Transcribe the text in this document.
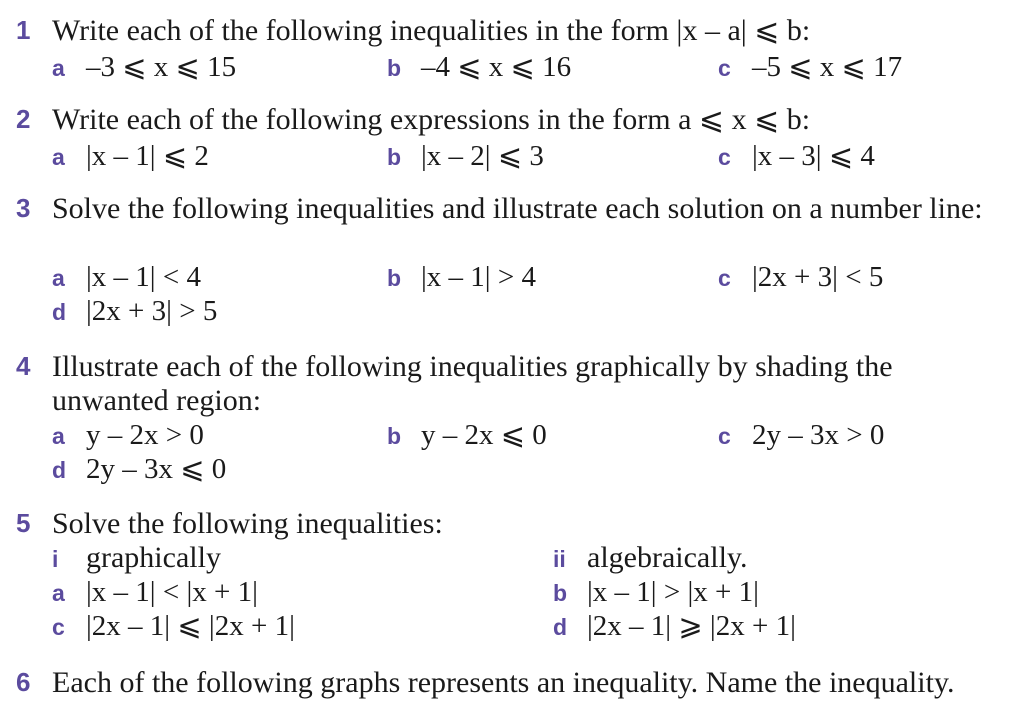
1 Write each of the following inequalities in the form |x – a| ⩽ b:
a –3 ⩽ x ⩽ 15	b –4 ⩽ x ⩽ 16	c –5 ⩽ x ⩽ 17
2 Write each of the following expressions in the form a ⩽ x ⩽ b:
a |x – 1| ⩽ 2	b |x – 2| ⩽ 3	c |x – 3| ⩽ 4
3 Solve the following inequalities and illustrate each solution on a number line:
a |x – 1| < 4	b |x – 1| > 4	c |2x + 3| < 5
d |2x + 3| > 5
4 Illustrate each of the following inequalities graphically by shading the unwanted region:
a y – 2x > 0	b y – 2x ⩽ 0	c 2y – 3x > 0
d 2y – 3x ⩽ 0
5 Solve the following inequalities:
i graphically	ii algebraically.
a |x – 1| < |x + 1|	b |x – 1| > |x + 1|
c |2x – 1| ⩽ |2x + 1|	d |2x – 1| ⩾ |2x + 1|
6 Each of the following graphs represents an inequality. Name the inequality.
